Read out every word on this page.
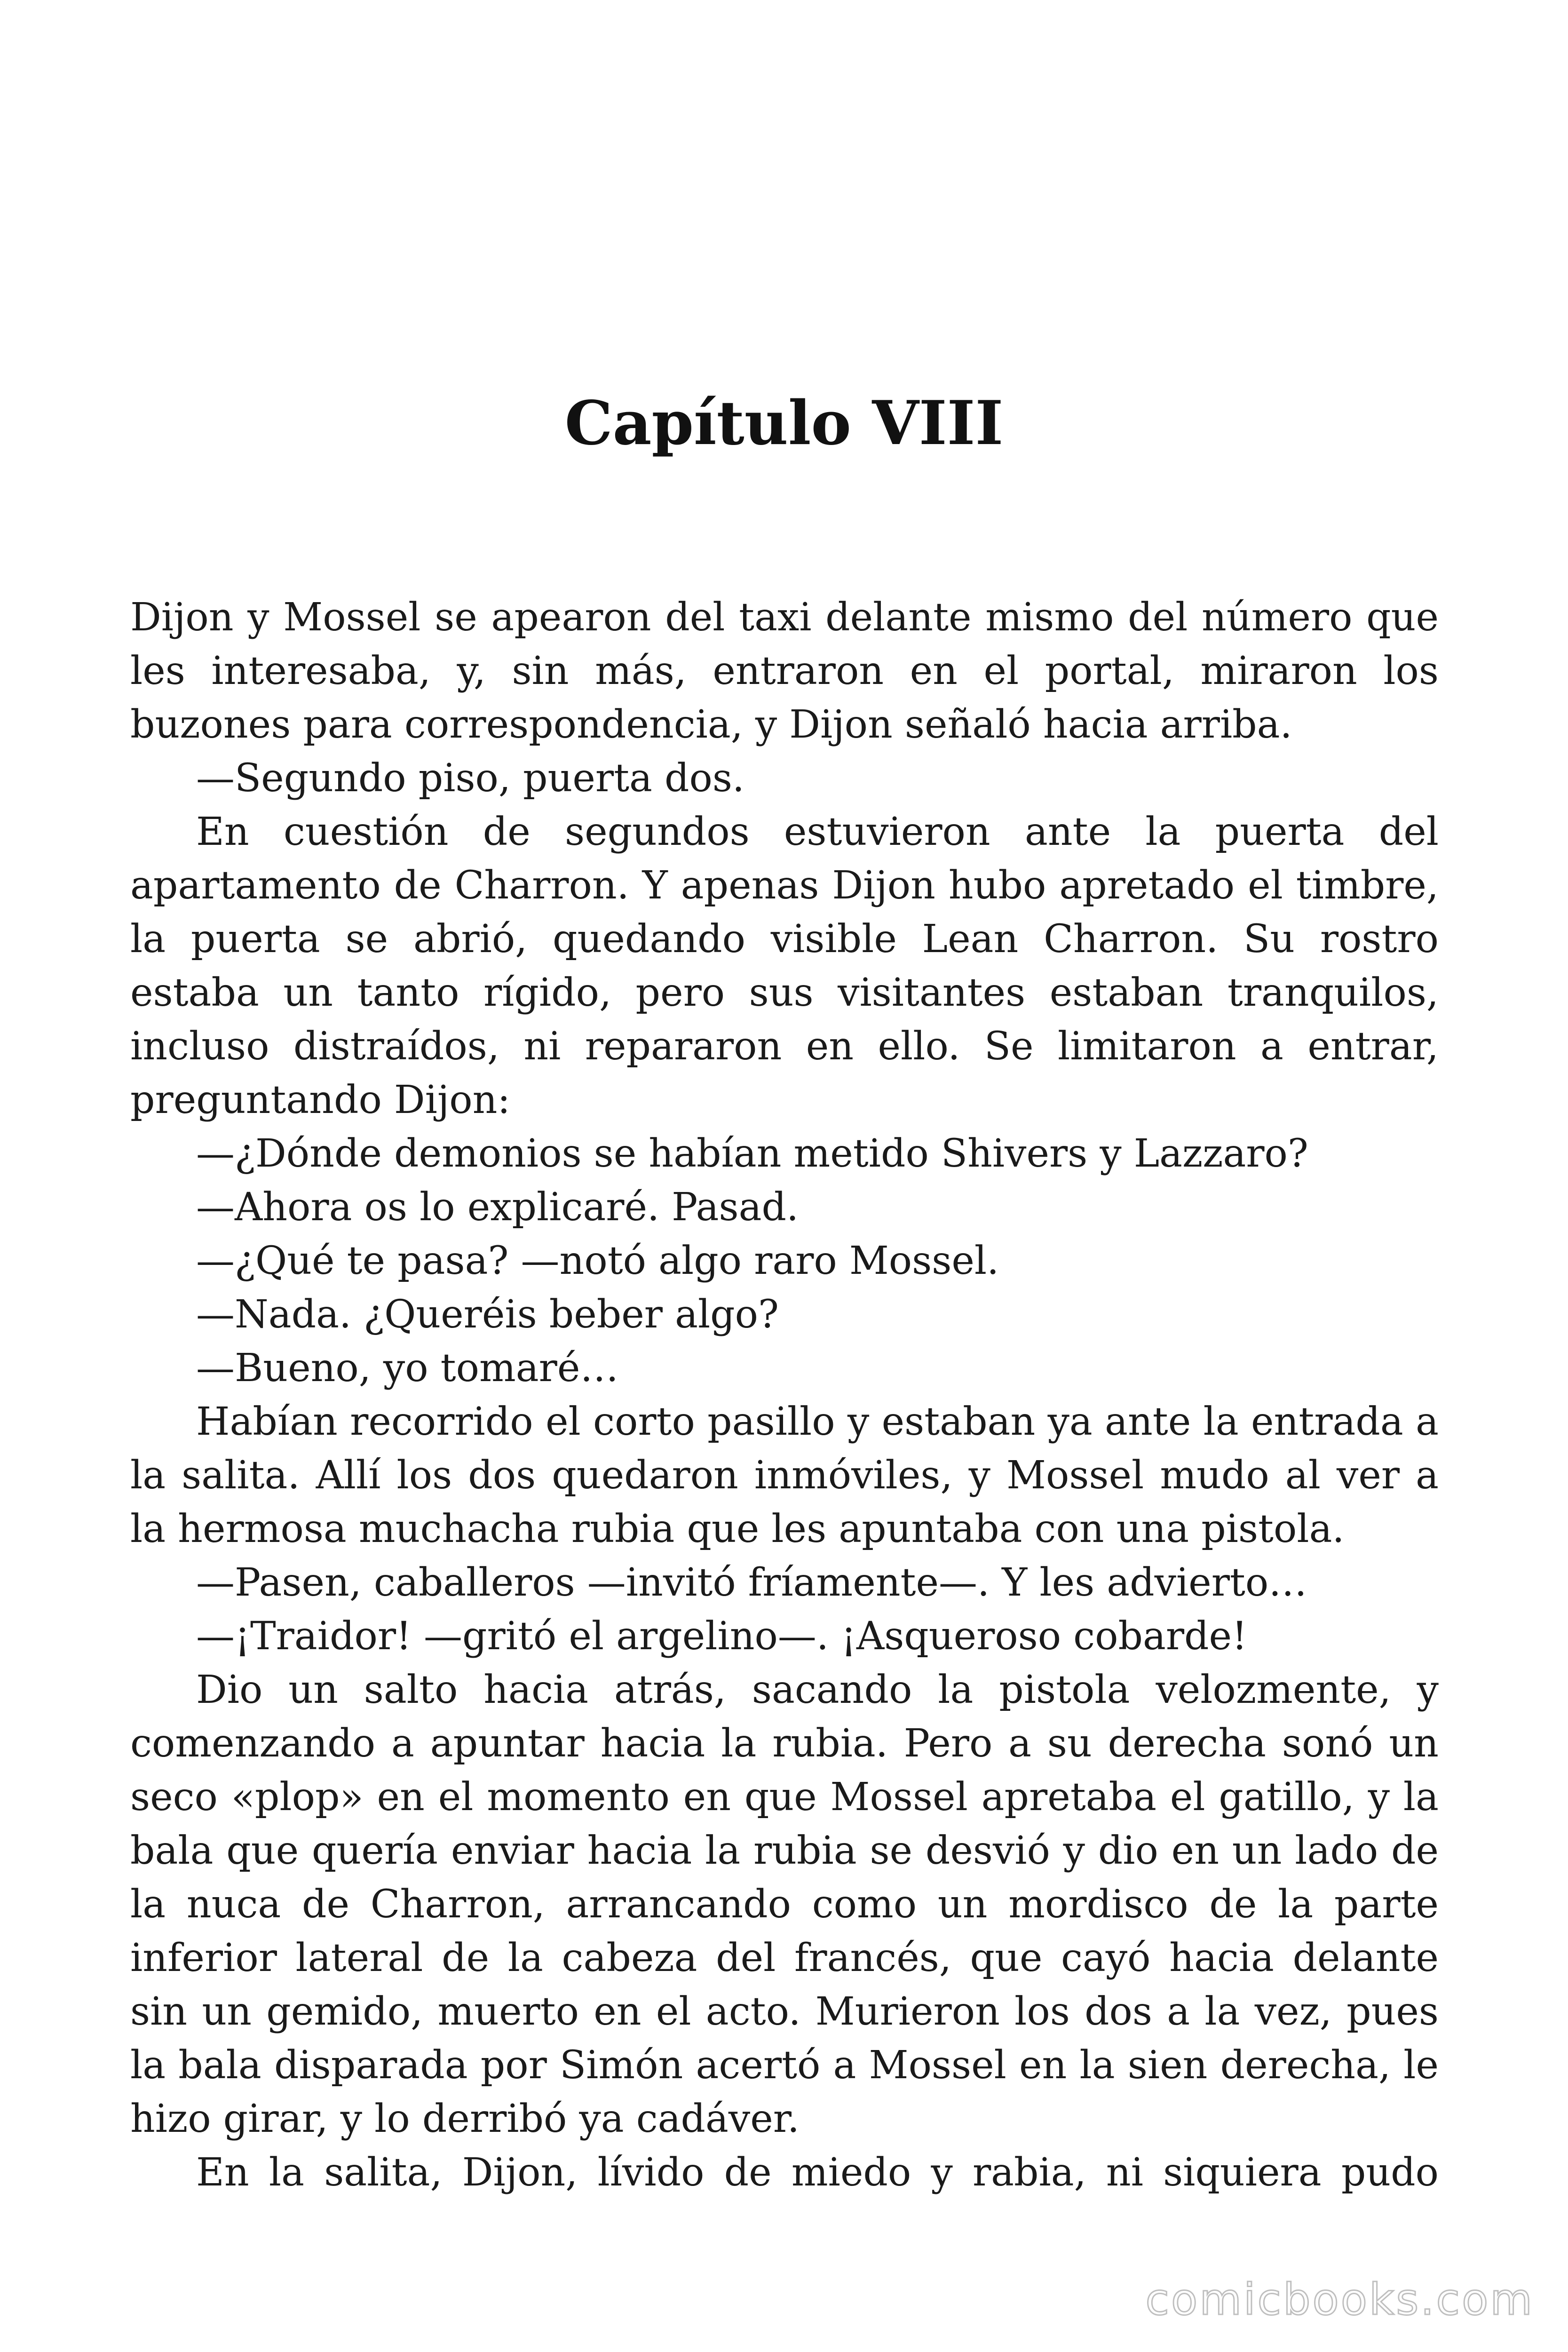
Capítulo VIII

Dijon y Mossel se apearon del taxi delante mismo del número que les interesaba, y, sin más, entraron en el portal, miraron los buzones para correspondencia, y Dijon señaló hacia arriba.

—Segundo piso, puerta dos.

En cuestión de segundos estuvieron ante la puerta del apartamento de Charron. Y apenas Dijon hubo apretado el timbre, la puerta se abrió, quedando visible Lean Charron. Su rostro estaba un tanto rígido, pero sus visitantes estaban tranquilos, incluso distraídos, ni repararon en ello. Se limitaron a entrar, preguntando Dijon:

—¿Dónde demonios se habían metido Shivers y Lazzaro?

—Ahora os lo explicaré. Pasad.

—¿Qué te pasa? —notó algo raro Mossel.

—Nada. ¿Queréis beber algo?

—Bueno, yo tomaré…

Habían recorrido el corto pasillo y estaban ya ante la entrada a la salita. Allí los dos quedaron inmóviles, y Mossel mudo al ver a la hermosa muchacha rubia que les apuntaba con una pistola.

—Pasen, caballeros —invitó fríamente—. Y les advierto…

—¡Traidor! —gritó el argelino—. ¡Asqueroso cobarde!

Dio un salto hacia atrás, sacando la pistola velozmente, y comenzando a apuntar hacia la rubia. Pero a su derecha sonó un seco «plop» en el momento en que Mossel apretaba el gatillo, y la bala que quería enviar hacia la rubia se desvió y dio en un lado de la nuca de Charron, arrancando como un mordisco de la parte inferior lateral de la cabeza del francés, que cayó hacia delante sin un gemido, muerto en el acto. Murieron los dos a la vez, pues la bala disparada por Simón acertó a Mossel en la sien derecha, le hizo girar, y lo derribó ya cadáver.

En la salita, Dijon, lívido de miedo y rabia, ni siquiera pudo

comicbooks.com
